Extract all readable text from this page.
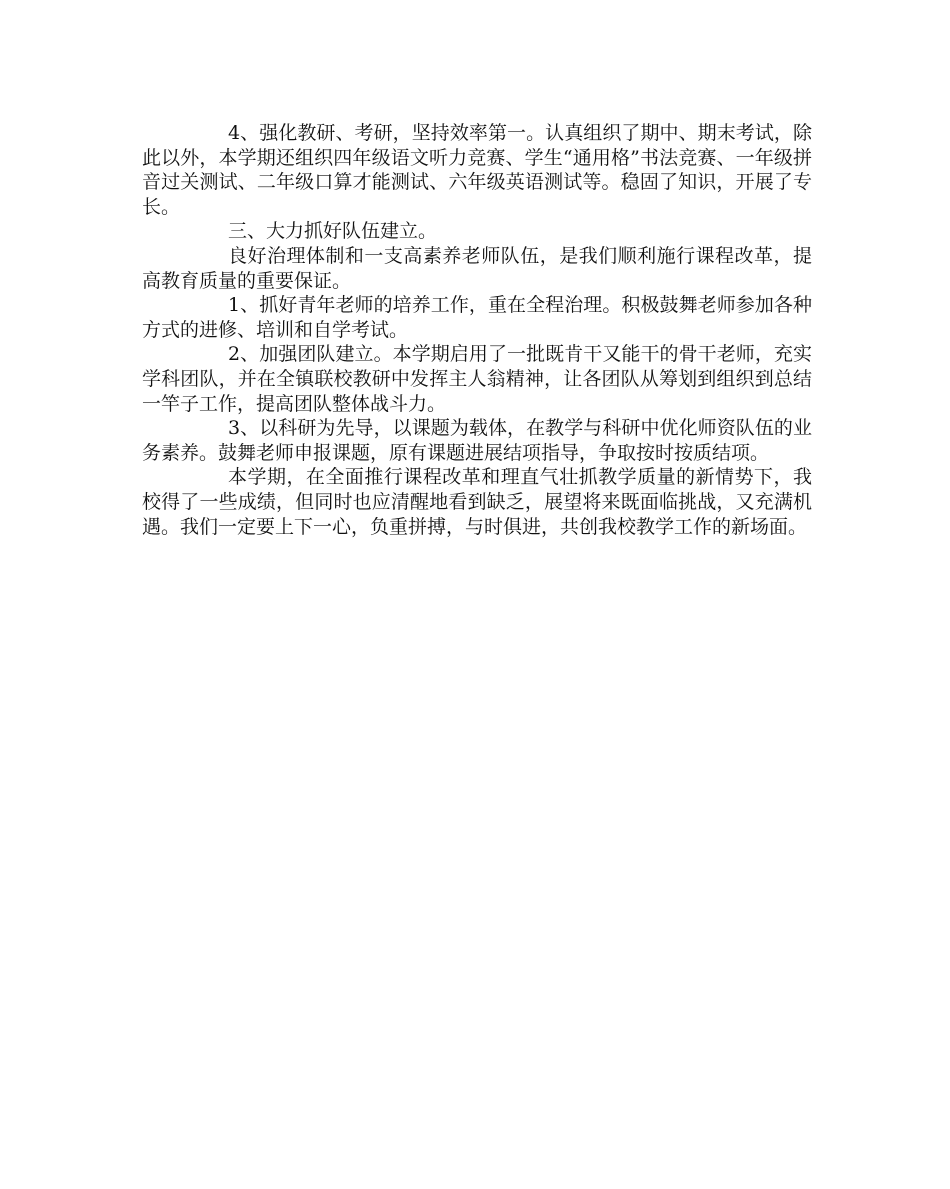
4、强化教研、考研，坚持效率第一。认真组织了期中、期末考试，除此以外，本学期还组织四年级语文听力竞赛、学生“通用格”书法竞赛、一年级拼音过关测试、二年级口算才能测试、六年级英语测试等。稳固了知识，开展了专长。

三、大力抓好队伍建立。

良好治理体制和一支高素养老师队伍，是我们顺利施行课程改革，提高教育质量的重要保证。

1、抓好青年老师的培养工作，重在全程治理。积极鼓舞老师参加各种方式的进修、培训和自学考试。

2、加强团队建立。本学期启用了一批既肯干又能干的骨干老师，充实学科团队，并在全镇联校教研中发挥主人翁精神，让各团队从筹划到组织到总结一竿子工作，提高团队整体战斗力。

3、以科研为先导，以课题为载体，在教学与科研中优化师资队伍的业务素养。鼓舞老师申报课题，原有课题进展结项指导，争取按时按质结项。

本学期，在全面推行课程改革和理直气壮抓教学质量的新情势下，我校得了一些成绩，但同时也应清醒地看到缺乏，展望将来既面临挑战，又充满机遇。我们一定要上下一心，负重拼搏，与时俱进，共创我校教学工作的新场面。
